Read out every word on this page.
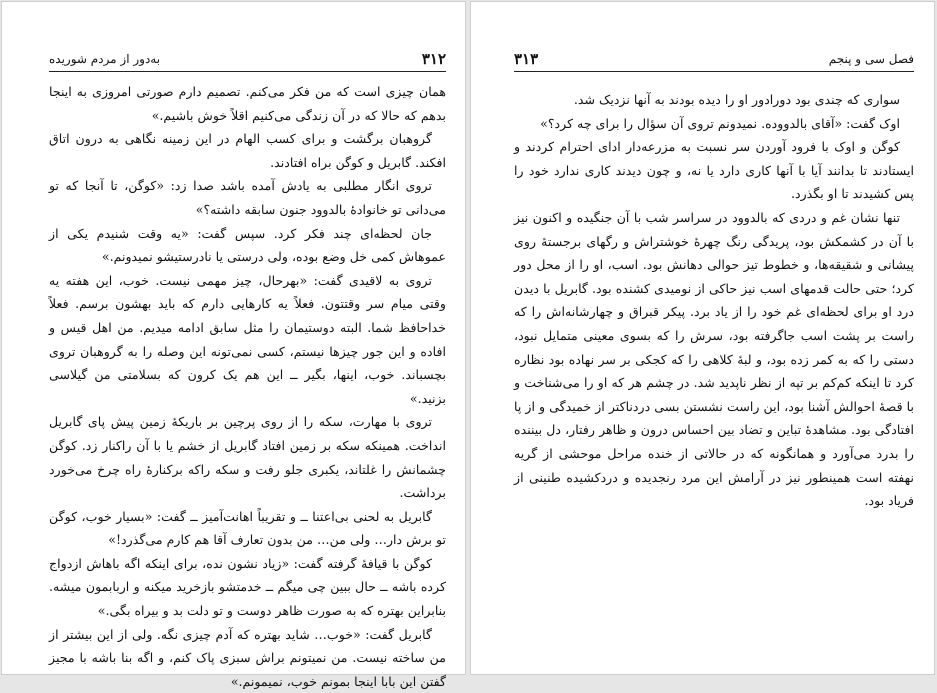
۳۱۲
به‌دور از مردم شوریده

همان چیزی است که من فکر می‌کنم. تصمیم دارم صورتی امروزی به اینجا بدهم که حالا که در آن زندگی می‌کنیم اقلاً خوش باشیم.»

گروهبان برگشت و برای کسب الهام در این زمینه نگاهی به درون اتاق افکند. گابریل و کوگن براه افتادند.

تروی انگار مطلبی به یادش آمده باشد صدا زد: «کوگن، تا آنجا که تو می‌دانی تو خانوادهٔ بالدوود جنون سابقه داشته؟»

جان لحظه‌ای چند فکر کرد. سپس گفت: «یه وقت شنیدم یکی از عموهاش کمی خل وضع بوده، ولی درستی یا نادرستیشو نمیدونم.»

تروی به لاقیدی گفت: «بهرحال، چیز مهمی نیست. خوب، این هفته یه وقتی میام سر وقتتون. فعلاً یه کارهایی دارم که باید بهشون برسم. فعلاً خداحافظ شما. البته دوستیمان را مثل سابق ادامه میدیم. من اهل قیس و افاده و این جور چیزها نیستم، کسی نمی‌تونه این وصله را به گروهبان تروی بچسباند. خوب، اینها، بگیر ــ این هم یک کرون که بسلامتی من گیلاسی بزنید.»

تروی با مهارت، سکه را از روی پرچین بر باریکهٔ زمین پیش پای گابریل انداخت. همینکه سکه بر زمین افتاد گابریل از خشم یا با آن راکنار زد. کوگن چشمانش را غلتاند، یکبری جلو رفت و سکه راکه برکنارهٔ راه چرخ می‌خورد برداشت.

گابریل به لحنی بی‌اعتنا ــ و تقریباً اهانت‌آمیز ــ گفت: «بسیار خوب، کوگن تو برش دار… ولی من… من بدون تعارف آقا هم کارم می‌گذرد!»

کوگن با قیافهٔ گرفته گفت: «زیاد نشون نده، برای اینکه اگه باهاش ازدواج کرده باشه ــ حال ببین چی میگم ــ خدمتشو بازخرید میکنه و اربابمون میشه. بنابراین بهتره که به صورت ظاهر دوست و تو دلت بد و بیراه بگی.»

گابریل گفت: «خوب… شاید بهتره که آدم چیزی نگه. ولی از این بیشتر از من ساخته نیست. من نمیتونم براش سبزی پاک کنم، و اگه بنا باشه با مجیز گفتن این بابا اینجا بمونم خوب، نمیمونم.»

۳۱۳	فصل سی و پنجم

سواری که چندی بود دورادور او را دیده بودند به آنها نزدیک شد.

اوک گفت: «آقای بالدووده. نمیدونم تروی آن سؤال را برای چه کرد؟»

کوگن و اوک با فرود آوردن سر نسبت به مزرعه‌دار ادای احترام کردند و ایستادند تا بدانند آیا با آنها کاری دارد یا نه، و چون دیدند کاری ندارد خود را پس کشیدند تا او بگذرد.

تنها نشان غم و دردی که بالدوود در سراسر شب با آن جنگیده و اکنون نیز با آن در کشمکش بود، پریدگی رنگ چهرهٔ خوشتراش و رگهای برجستهٔ روی پیشانی و شقیقه‌ها، و خطوط تیز حوالی دهانش بود. اسب، او را از محل دور کرد؛ حتی حالت قدمهای اسب نیز حاکی از نومیدی کشنده بود. گابریل با دیدن درد او برای لحظه‌ای غم خود را از یاد برد. پیکر قبراق و چهارشانه‌اش را که راست بر پشت اسب جاگرفته بود، سرش را که بسوی معینی متمایل نبود، دستی را که به کمر زده بود، و لبهٔ کلاهی را که کجکی بر سر نهاده بود نظاره کرد تا اینکه کم‌کم بر تپه از نظر ناپدید شد. در چشم هر که او را می‌شناخت و با قصهٔ احوالش آشنا بود، این راست نشستن بسی دردناکتر از خمیدگی و از پا افتادگی بود. مشاهدهٔ تباین و تضاد بین احساس درون و ظاهر رفتار، دل بیننده را بدرد می‌آورد و همانگونه که در حالاتی از خنده مراحل موحشی از گریه نهفته است همینطور نیز در آرامش این مرد رنجدیده و دردکشیده طنینی از فریاد بود.
